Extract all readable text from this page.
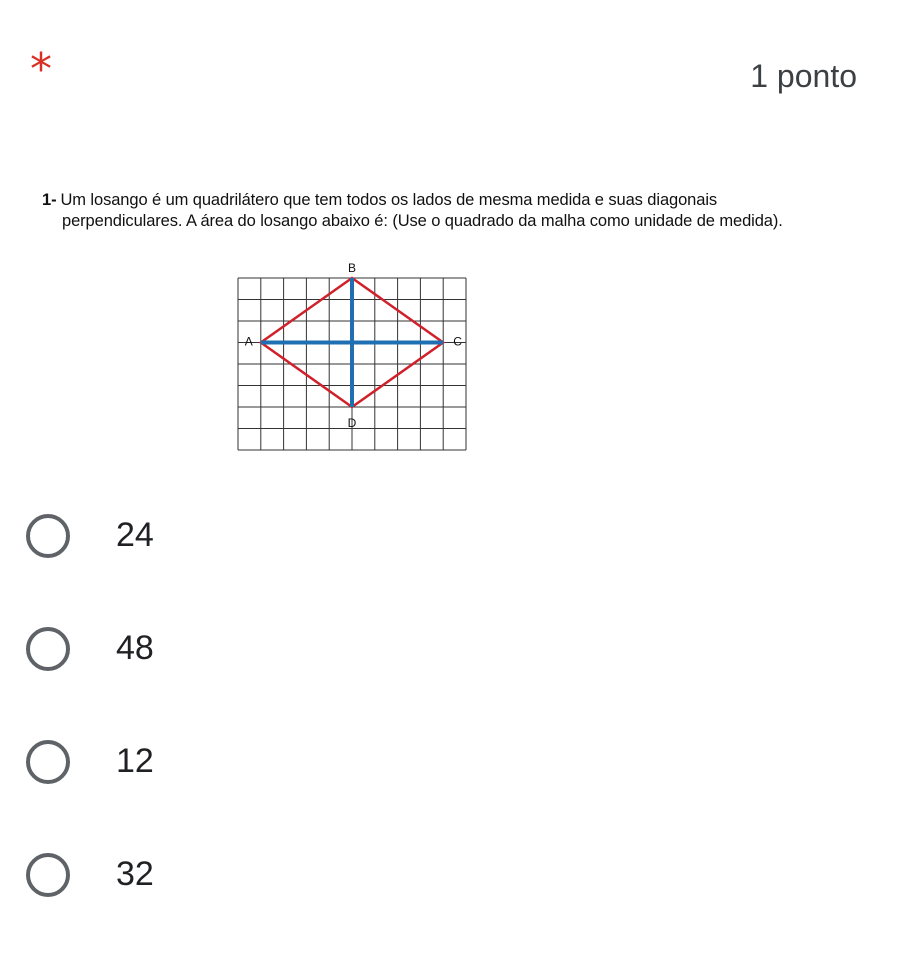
*	1 ponto
1- Um losango é um quadrilátero que tem todos os lados de mesma medida e suas diagonais perpendiculares. A área do losango abaixo é: (Use o quadrado da malha como unidade de medida).
A
B
C
D
24
48
12
32
